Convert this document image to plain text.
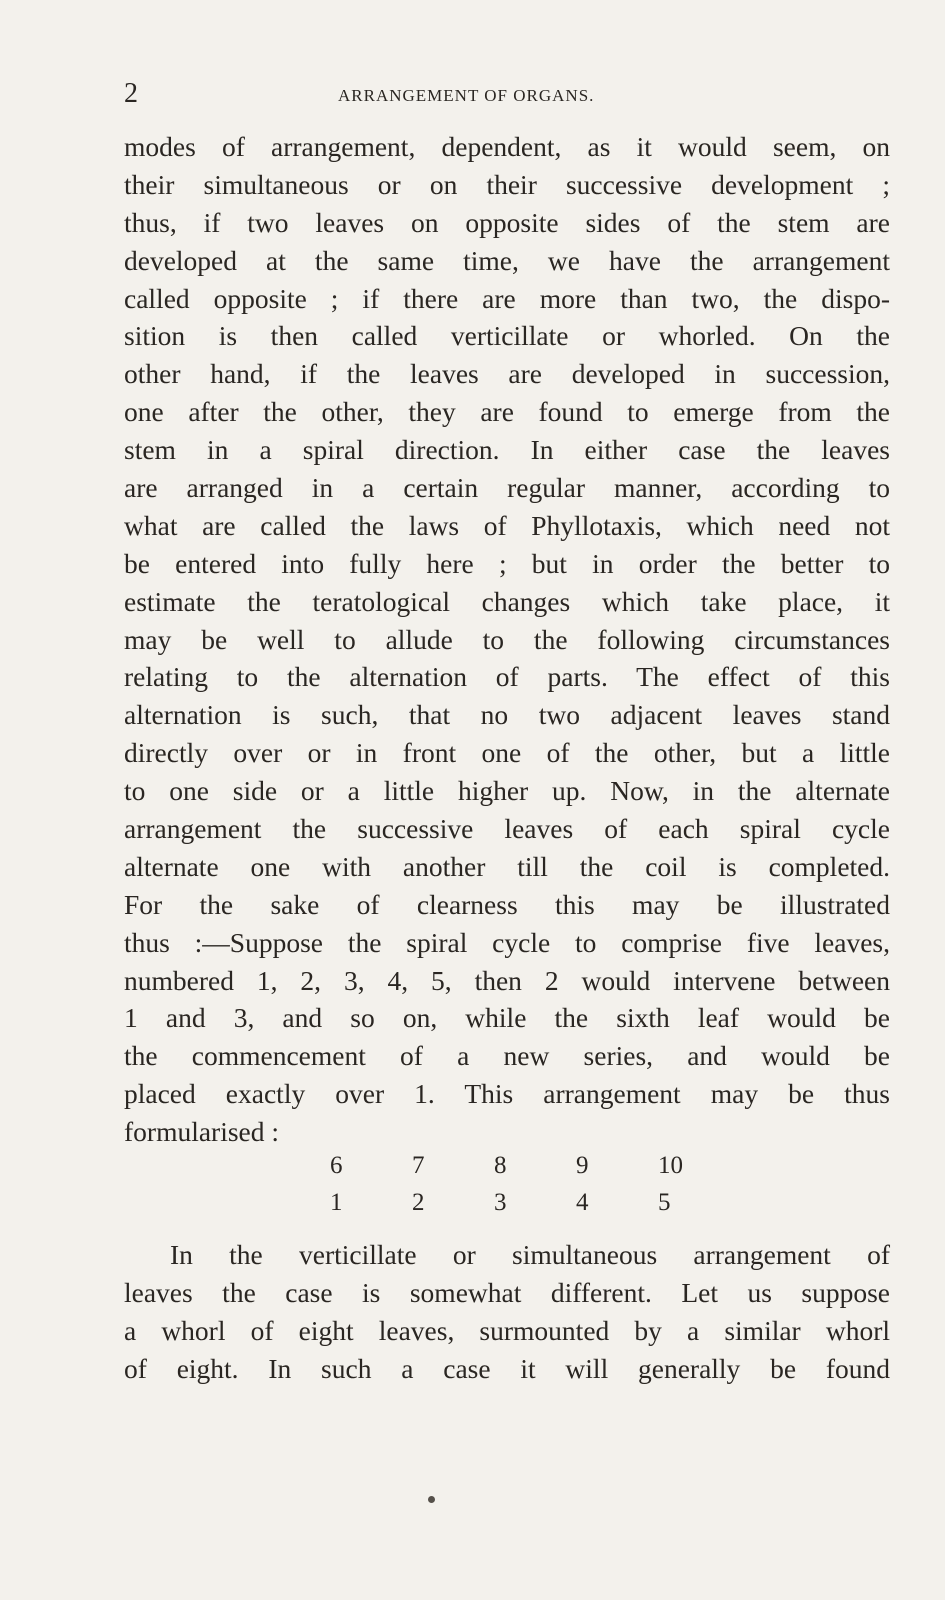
2	ARRANGEMENT OF ORGANS.
modes of arrangement, dependent, as it would seem, on
their simultaneous or on their successive development ;
thus, if two leaves on opposite sides of the stem are
developed at the same time, we have the arrangement
called opposite ; if there are more than two, the dispo-
sition is then called verticillate or whorled. On the
other hand, if the leaves are developed in succession,
one after the other, they are found to emerge from the
stem in a spiral direction. In either case the leaves
are arranged in a certain regular manner, according to
what are called the laws of Phyllotaxis, which need not
be entered into fully here ; but in order the better to
estimate the teratological changes which take place, it
may be well to allude to the following circumstances
relating to the alternation of parts. The effect of this
alternation is such, that no two adjacent leaves stand
directly over or in front one of the other, but a little
to one side or a little higher up. Now, in the alternate
arrangement the successive leaves of each spiral cycle
alternate one with another till the coil is completed.
For the sake of clearness this may be illustrated
thus :—Suppose the spiral cycle to comprise five leaves,
numbered 1, 2, 3, 4, 5, then 2 would intervene between
1 and 3, and so on, while the sixth leaf would be
the commencement of a new series, and would be
placed exactly over 1. This arrangement may be thus
formularised :
6	7	8	9	10
1	2	3	4	5
In the verticillate or simultaneous arrangement of
leaves the case is somewhat different. Let us suppose
a whorl of eight leaves, surmounted by a similar whorl
of eight. In such a case it will generally be found
